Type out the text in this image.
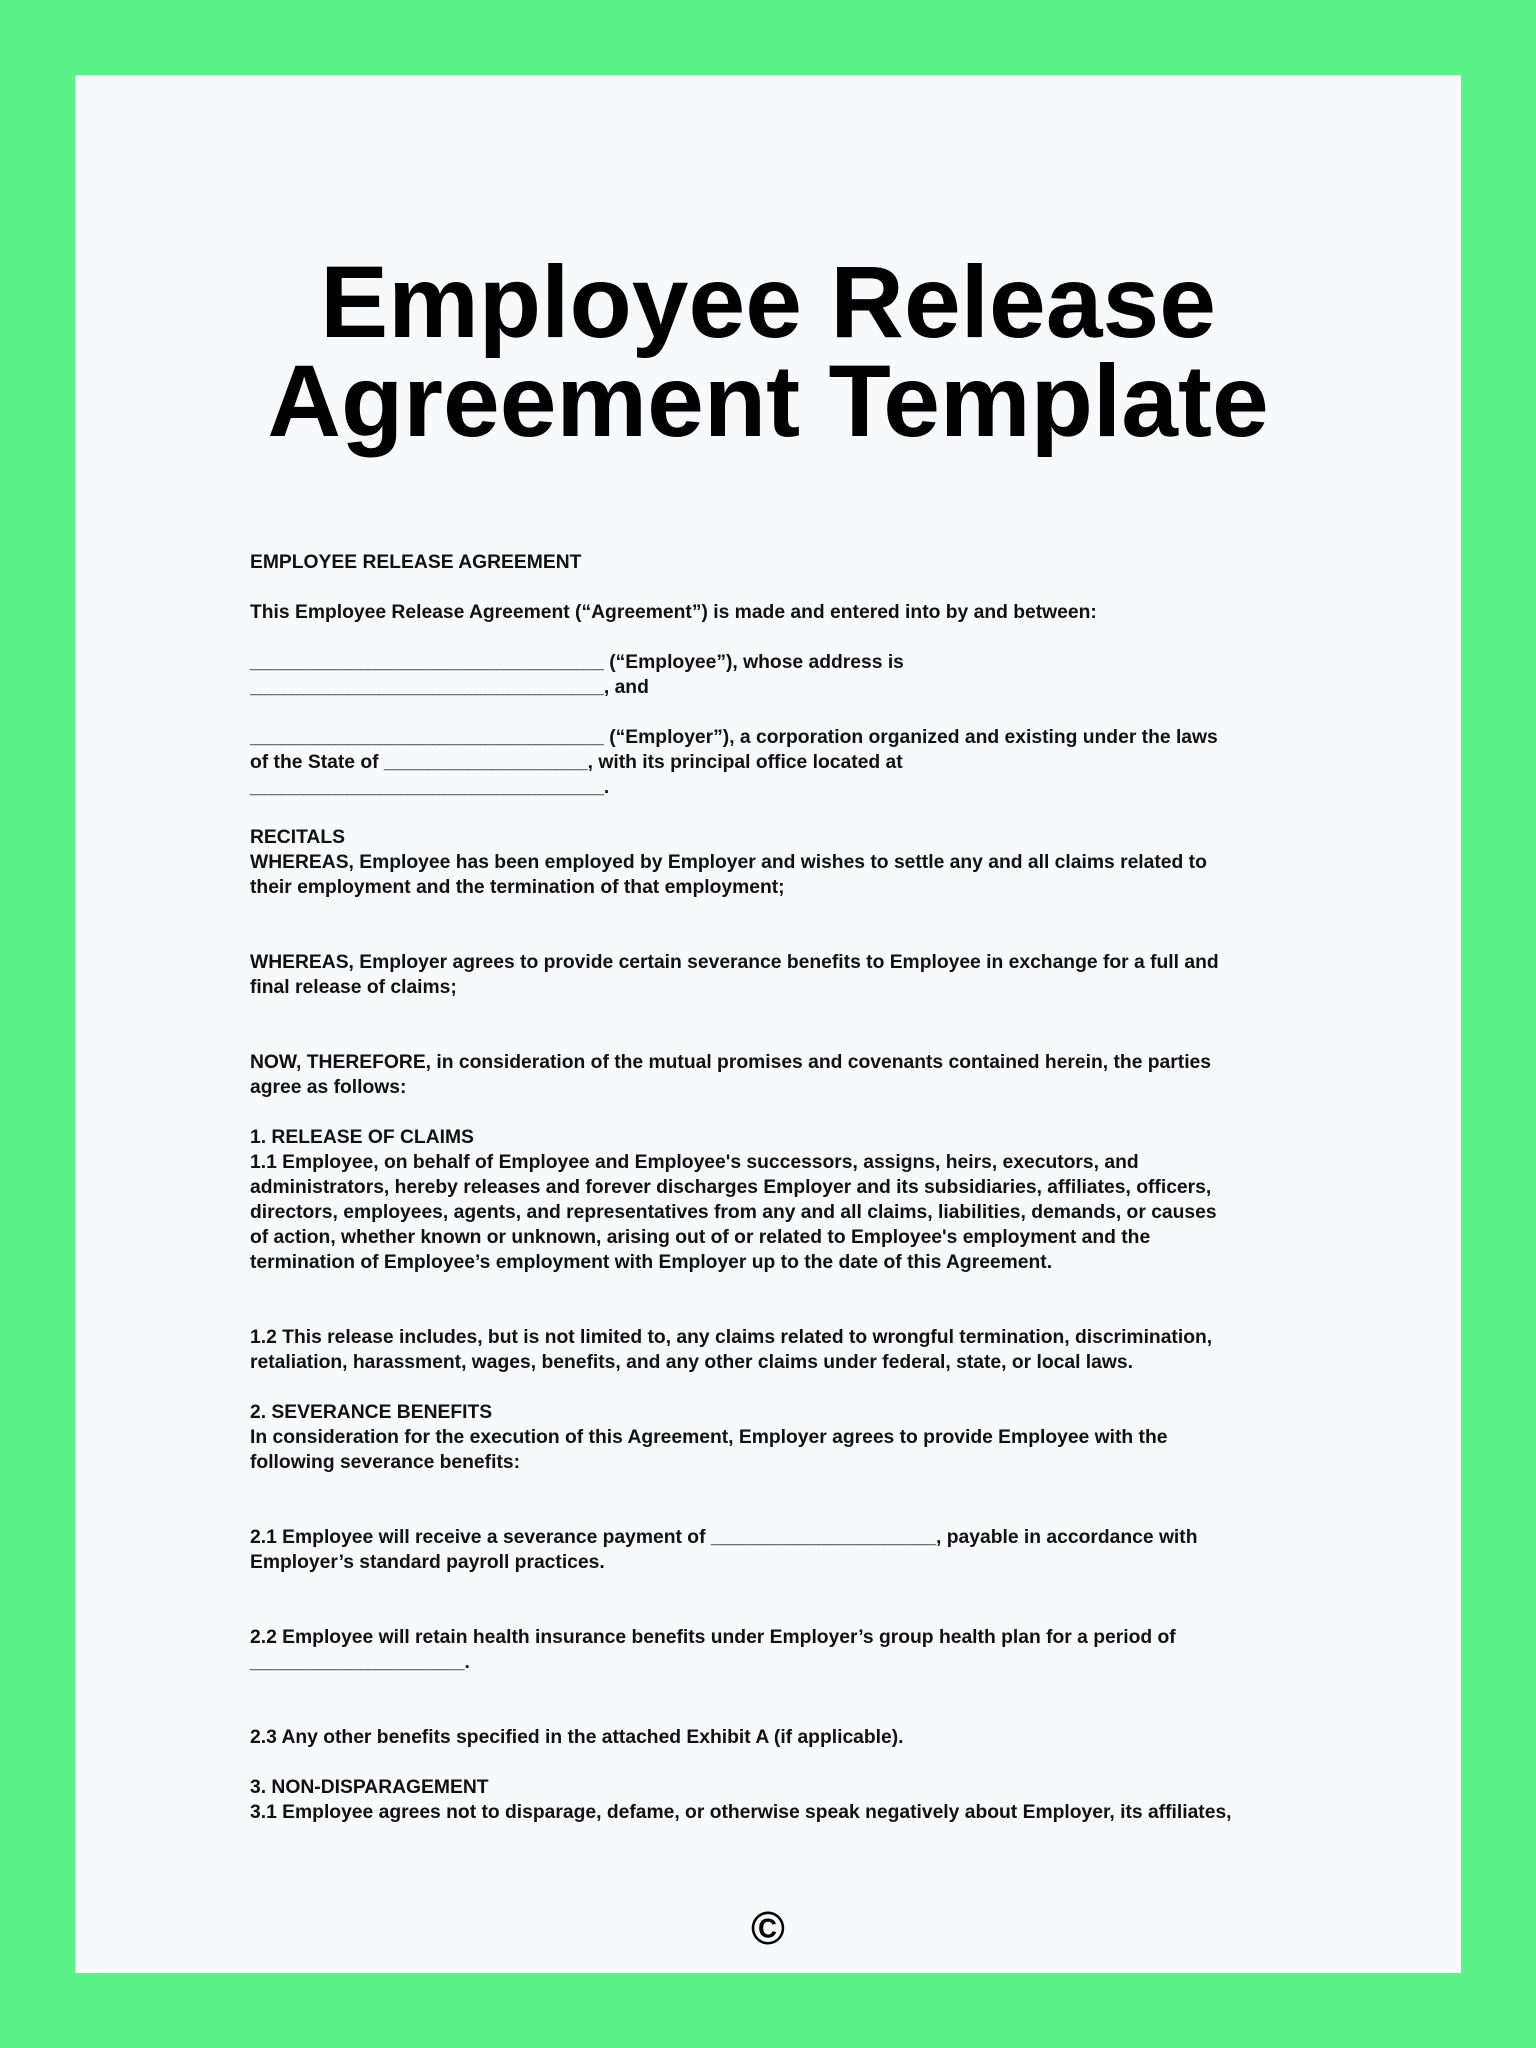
Employee Release
Agreement Template

EMPLOYEE RELEASE AGREEMENT

This Employee Release Agreement (“Agreement”) is made and entered into by and between:

_________________________________ (“Employee”), whose address is
_________________________________, and

_________________________________ (“Employer”), a corporation organized and existing under the laws
of the State of ___________________, with its principal office located at
_________________________________.

RECITALS

WHEREAS, Employee has been employed by Employer and wishes to settle any and all claims related to
their employment and the termination of that employment;

WHEREAS, Employer agrees to provide certain severance benefits to Employee in exchange for a full and
final release of claims;

NOW, THEREFORE, in consideration of the mutual promises and covenants contained herein, the parties
agree as follows:

1. RELEASE OF CLAIMS

1.1 Employee, on behalf of Employee and Employee's successors, assigns, heirs, executors, and
administrators, hereby releases and forever discharges Employer and its subsidiaries, affiliates, officers,
directors, employees, agents, and representatives from any and all claims, liabilities, demands, or causes
of action, whether known or unknown, arising out of or related to Employee's employment and the
termination of Employee’s employment with Employer up to the date of this Agreement.

1.2 This release includes, but is not limited to, any claims related to wrongful termination, discrimination,
retaliation, harassment, wages, benefits, and any other claims under federal, state, or local laws.

2. SEVERANCE BENEFITS

In consideration for the execution of this Agreement, Employer agrees to provide Employee with the
following severance benefits:

2.1 Employee will receive a severance payment of _____________________, payable in accordance with
Employer’s standard payroll practices.

2.2 Employee will retain health insurance benefits under Employer’s group health plan for a period of
____________________.

2.3 Any other benefits specified in the attached Exhibit A (if applicable).

3. NON-DISPARAGEMENT

3.1 Employee agrees not to disparage, defame, or otherwise speak negatively about Employer, its affiliates,

©
